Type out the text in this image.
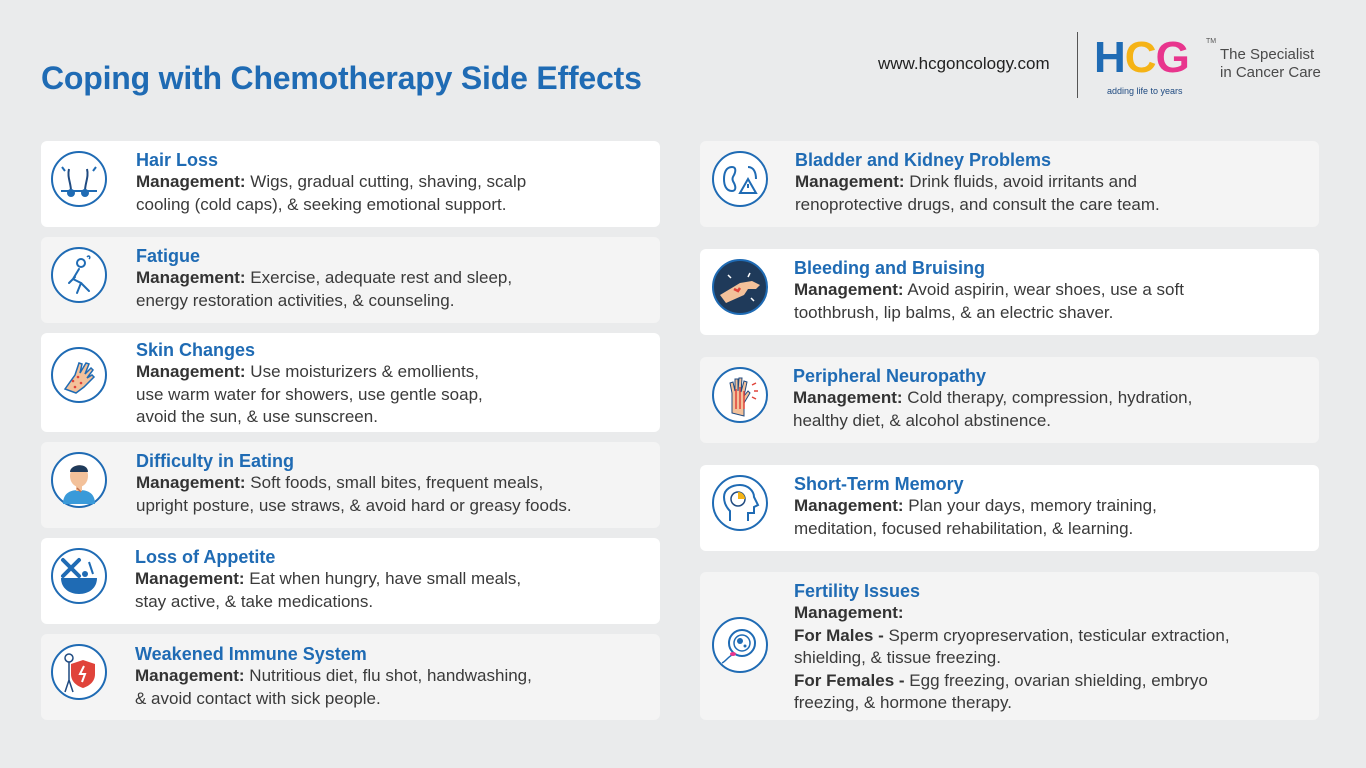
Coping with Chemotherapy Side Effects	www.hcgoncology.com HCG TM
adding life to years
The Specialist
in Cancer Care
Hair Loss
Management: Wigs, gradual cutting, shaving, scalp
cooling (cold caps), & seeking emotional support.
Fatigue
Management: Exercise, adequate rest and sleep,
energy restoration activities, & counseling.
Skin Changes
Management: Use moisturizers & emollients,
use warm water for showers, use gentle soap,
avoid the sun, & use sunscreen.
Difficulty in Eating
Management: Soft foods, small bites, frequent meals,
upright posture, use straws, & avoid hard or greasy foods.
Loss of Appetite
Management: Eat when hungry, have small meals,
stay active, & take medications.
Weakened Immune System
Management: Nutritious diet, flu shot, handwashing,
& avoid contact with sick people.
Bladder and Kidney Problems
Management: Drink fluids, avoid irritants and
renoprotective drugs, and consult the care team.
Bleeding and Bruising
Management: Avoid aspirin, wear shoes, use a soft
toothbrush, lip balms, & an electric shaver.
Peripheral Neuropathy
Management: Cold therapy, compression, hydration,
healthy diet, & alcohol abstinence.
Short-Term Memory
Management: Plan your days, memory training,
meditation, focused rehabilitation, & learning.
Fertility Issues
Management:
For Males - Sperm cryopreservation, testicular extraction,
shielding, & tissue freezing.
For Females - Egg freezing, ovarian shielding, embryo
freezing, & hormone therapy.
